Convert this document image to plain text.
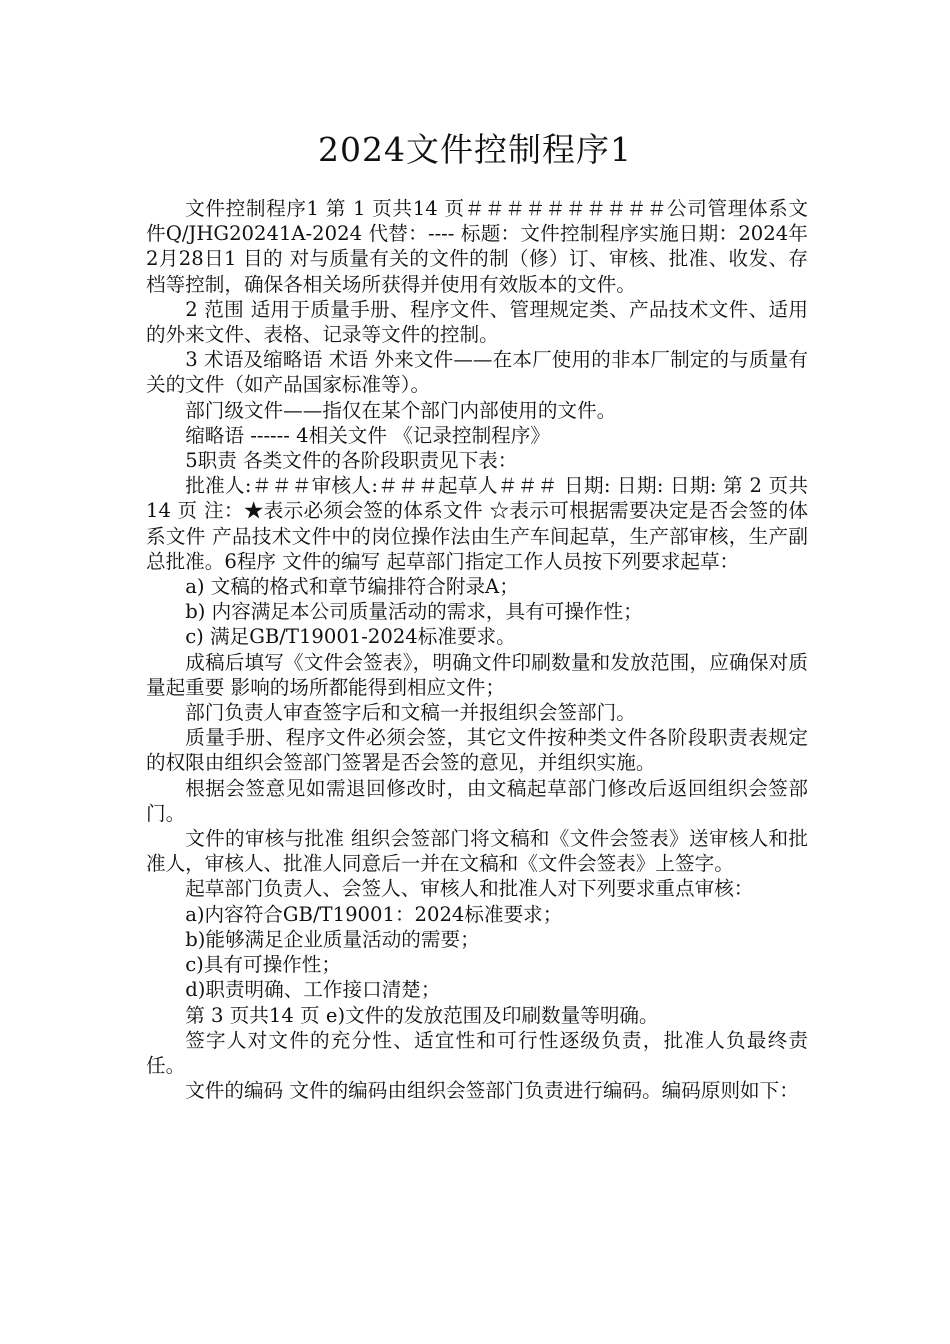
2024文件控制程序1

文件控制程序1 第 1 页共14 页＃＃＃＃＃＃＃＃＃＃公司管理体系文件Q/JHG20241A-2024 代替：---- 标题：文件控制程序实施日期：2024年2月28日1 目的 对与质量有关的文件的制（修）订、审核、批准、收发、存档等控制，确保各相关场所获得并使用有效版本的文件。

2 范围 适用于质量手册、程序文件、管理规定类、产品技术文件、适用的外来文件、表格、记录等文件的控制。

3 术语及缩略语 术语 外来文件——在本厂使用的非本厂制定的与质量有关的文件（如产品国家标准等）。

部门级文件——指仅在某个部门内部使用的文件。

缩略语 ------ 4相关文件 《记录控制程序》

5职责 各类文件的各阶段职责见下表：

批准人:＃＃＃审核人:＃＃＃起草人＃＃＃ 日期: 日期: 日期: 第 2 页共14 页 注：★表示必须会签的体系文件 ☆表示可根据需要决定是否会签的体系文件 产品技术文件中的岗位操作法由生产车间起草，生产部审核，生产副总批准。6程序 文件的编写 起草部门指定工作人员按下列要求起草：

a) 文稿的格式和章节编排符合附录A；

b) 内容满足本公司质量活动的需求，具有可操作性；

c) 满足GB/T19001-2024标准要求。

成稿后填写《文件会签表》，明确文件印刷数量和发放范围，应确保对质量起重要 影响的场所都能得到相应文件；

部门负责人审查签字后和文稿一并报组织会签部门。

质量手册、程序文件必须会签，其它文件按种类文件各阶段职责表规定的权限由组织会签部门签署是否会签的意见，并组织实施。

根据会签意见如需退回修改时，由文稿起草部门修改后返回组织会签部门。

文件的审核与批准 组织会签部门将文稿和《文件会签表》送审核人和批准人，审核人、批准人同意后一并在文稿和《文件会签表》上签字。

起草部门负责人、会签人、审核人和批准人对下列要求重点审核：

a)内容符合GB/T19001：2024标准要求；

b)能够满足企业质量活动的需要；

c)具有可操作性；

d)职责明确、工作接口清楚；

第 3 页共14 页 e)文件的发放范围及印刷数量等明确。

签字人对文件的充分性、适宜性和可行性逐级负责，批准人负最终责任。

文件的编码 文件的编码由组织会签部门负责进行编码。编码原则如下：
